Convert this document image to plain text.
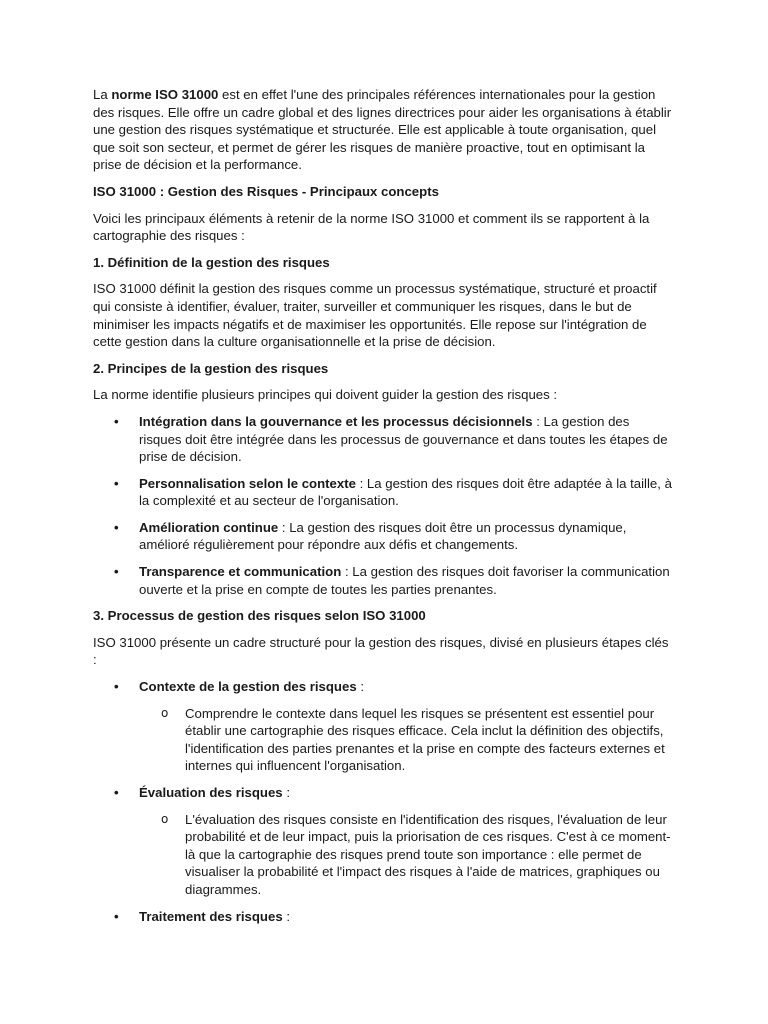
La norme ISO 31000 est en effet l'une des principales références internationales pour la gestion des risques. Elle offre un cadre global et des lignes directrices pour aider les organisations à établir une gestion des risques systématique et structurée. Elle est applicable à toute organisation, quel que soit son secteur, et permet de gérer les risques de manière proactive, tout en optimisant la prise de décision et la performance.

ISO 31000 : Gestion des Risques - Principaux concepts

Voici les principaux éléments à retenir de la norme ISO 31000 et comment ils se rapportent à la cartographie des risques :

1. Définition de la gestion des risques

ISO 31000 définit la gestion des risques comme un processus systématique, structuré et proactif qui consiste à identifier, évaluer, traiter, surveiller et communiquer les risques, dans le but de minimiser les impacts négatifs et de maximiser les opportunités. Elle repose sur l'intégration de cette gestion dans la culture organisationnelle et la prise de décision.

2. Principes de la gestion des risques

La norme identifie plusieurs principes qui doivent guider la gestion des risques :

• Intégration dans la gouvernance et les processus décisionnels : La gestion des risques doit être intégrée dans les processus de gouvernance et dans toutes les étapes de prise de décision.
• Personnalisation selon le contexte : La gestion des risques doit être adaptée à la taille, à la complexité et au secteur de l'organisation.
• Amélioration continue : La gestion des risques doit être un processus dynamique, amélioré régulièrement pour répondre aux défis et changements.
• Transparence et communication : La gestion des risques doit favoriser la communication ouverte et la prise en compte de toutes les parties prenantes.

3. Processus de gestion des risques selon ISO 31000

ISO 31000 présente un cadre structuré pour la gestion des risques, divisé en plusieurs étapes clés :

• Contexte de la gestion des risques :
o Comprendre le contexte dans lequel les risques se présentent est essentiel pour établir une cartographie des risques efficace. Cela inclut la définition des objectifs, l'identification des parties prenantes et la prise en compte des facteurs externes et internes qui influencent l'organisation.
• Évaluation des risques :
o L'évaluation des risques consiste en l'identification des risques, l'évaluation de leur probabilité et de leur impact, puis la priorisation de ces risques. C'est à ce moment-là que la cartographie des risques prend toute son importance : elle permet de visualiser la probabilité et l'impact des risques à l'aide de matrices, graphiques ou diagrammes.
• Traitement des risques :
